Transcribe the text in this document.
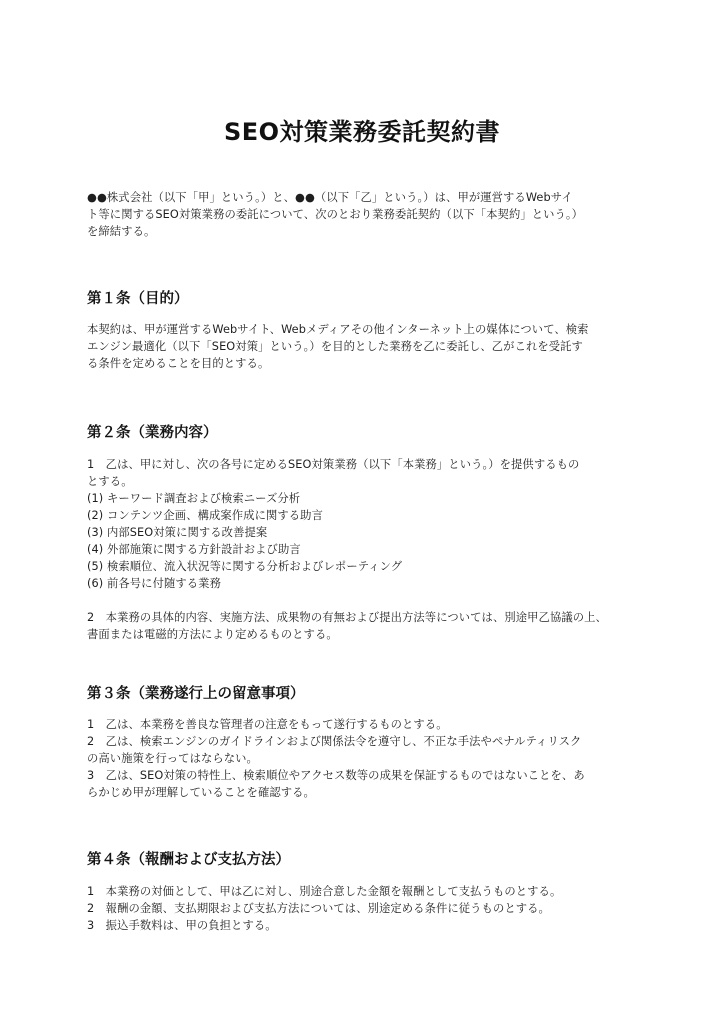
SEO対策業務委託契約書

●●株式会社（以下「甲」という。）と、●●（以下「乙」という。）は、甲が運営するWebサイ

ト等に関するSEO対策業務の委託について、次のとおり業務委託契約（以下「本契約」という。）

を締結する。

第１条（目的）

本契約は、甲が運営するWebサイト、Webメディアその他インターネット上の媒体について、検索

エンジン最適化（以下「SEO対策」という。）を目的とした業務を乙に委託し、乙がこれを受託す

る条件を定めることを目的とする。

第２条（業務内容）

1　乙は、甲に対し、次の各号に定めるSEO対策業務（以下「本業務」という。）を提供するもの

とする。

(1) キーワード調査および検索ニーズ分析

(2) コンテンツ企画、構成案作成に関する助言

(3) 内部SEO対策に関する改善提案

(4) 外部施策に関する方針設計および助言

(5) 検索順位、流入状況等に関する分析およびレポーティング

(6) 前各号に付随する業務

2　本業務の具体的内容、実施方法、成果物の有無および提出方法等については、別途甲乙協議の上、

書面または電磁的方法により定めるものとする。

第３条（業務遂行上の留意事項）

1　乙は、本業務を善良な管理者の注意をもって遂行するものとする。

2　乙は、検索エンジンのガイドラインおよび関係法令を遵守し、不正な手法やペナルティリスク

の高い施策を行ってはならない。

3　乙は、SEO対策の特性上、検索順位やアクセス数等の成果を保証するものではないことを、あ

らかじめ甲が理解していることを確認する。

第４条（報酬および支払方法）

1　本業務の対価として、甲は乙に対し、別途合意した金額を報酬として支払うものとする。

2　報酬の金額、支払期限および支払方法については、別途定める条件に従うものとする。

3　振込手数料は、甲の負担とする。
